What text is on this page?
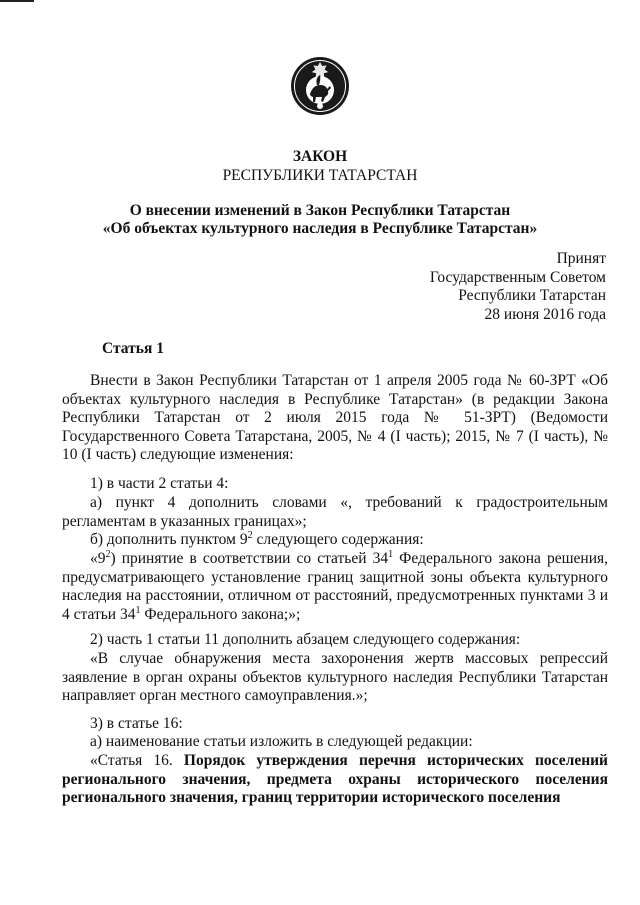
ЗАКОН
РЕСПУБЛИКИ ТАТАРСТАН
О внесении изменений в Закон Республики Татарстан
«Об объектах культурного наследия в Республике Татарстан»
Принят
Государственным Советом
Республики Татарстан
28 июня 2016 года
Статья 1

Внести в Закон Республики Татарстан от 1 апреля 2005 года № 60-ЗРТ «Об объектах культурного наследия в Республике Татарстан» (в редакции Закона Республики Татарстан от 2 июля 2015 года № 51-ЗРТ) (Ведомости Государственного Совета Татарстана, 2005, № 4 (I часть); 2015, № 7 (I часть), № 10 (I часть) следующие изменения:

1) в части 2 статьи 4:

а) пункт 4 дополнить словами «, требований к градостроительным регламентам в указанных границах»;

б) дополнить пунктом $9^2$ следующего содержания:

«$9^2$) принятие в соответствии со статьей $34^1$ Федерального закона решения, предусматривающего установление границ защитной зоны объекта культурного наследия на расстоянии, отличном от расстояний, предусмотренных пунктами 3 и 4 статьи $34^1$ Федерального закона;»;

2) часть 1 статьи 11 дополнить абзацем следующего содержания:

«В случае обнаружения места захоронения жертв массовых репрессий заявление в орган охраны объектов культурного наследия Республики Татарстан направляет орган местного самоуправления.»;

3) в статье 16:

а) наименование статьи изложить в следующей редакции:

«Статья 16. Порядок утверждения перечня исторических поселений регионального значения, предмета охраны исторического поселения регионального значения, границ территории исторического поселения
